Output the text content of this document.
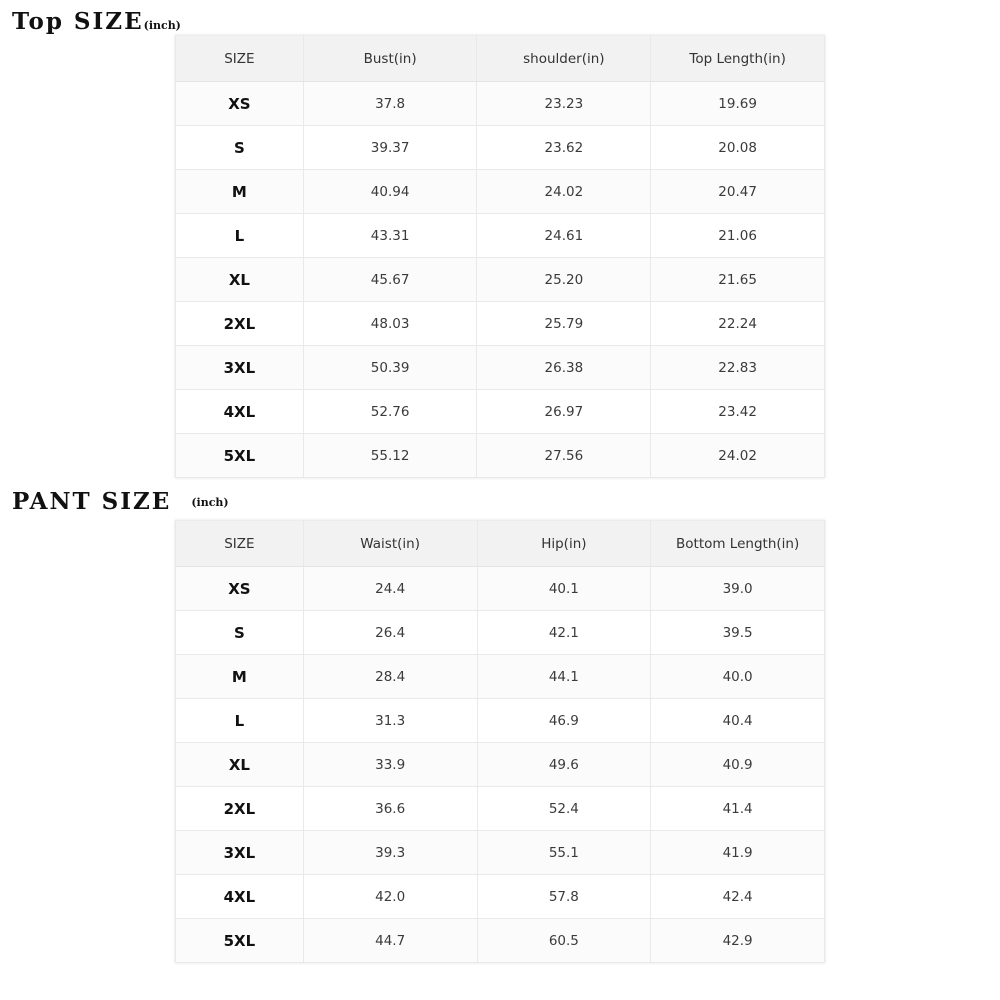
Top SIZE(inch)
SIZE	Bust(in)	shoulder(in)	Top Length(in)
XS	37.8	23.23	19.69
S	39.37	23.62	20.08
M	40.94	24.02	20.47
L	43.31	24.61	21.06
XL	45.67	25.20	21.65
2XL	48.03	25.79	22.24
3XL	50.39	26.38	22.83
4XL	52.76	26.97	23.42
5XL	55.12	27.56	24.02
PANT SIZE (inch)
SIZE	Waist(in)	Hip(in)	Bottom Length(in)
XS	24.4	40.1	39.0
S	26.4	42.1	39.5
M	28.4	44.1	40.0
L	31.3	46.9	40.4
XL	33.9	49.6	40.9
2XL	36.6	52.4	41.4
3XL	39.3	55.1	41.9
4XL	42.0	57.8	42.4
5XL	44.7	60.5	42.9
